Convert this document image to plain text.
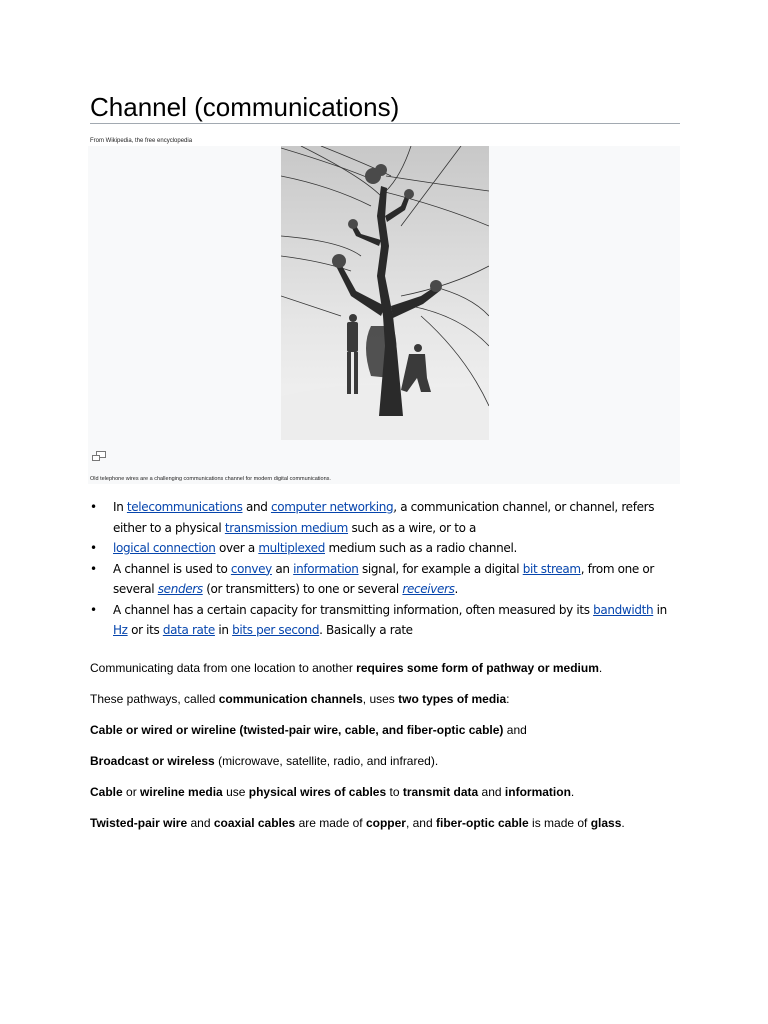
Channel (communications)
From Wikipedia, the free encyclopedia
Old telephone wires are a challenging communications channel for modern digital communications.
• In telecommunications and computer networking, a communication channel, or channel, refers either to a physical transmission medium such as a wire, or to a
• logical connection over a multiplexed medium such as a radio channel.
• A channel is used to convey an information signal, for example a digital bit stream, from one or several senders (or transmitters) to one or several receivers.
• A channel has a certain capacity for transmitting information, often measured by its bandwidth in Hz or its data rate in bits per second. Basically a rate

Communicating data from one location to another requires some form of pathway or medium.

These pathways, called communication channels, uses two types of media:

Cable or wired or wireline (twisted-pair wire, cable, and fiber-optic cable) and

Broadcast or wireless (microwave, satellite, radio, and infrared).

Cable or wireline media use physical wires of cables to transmit data and information.

Twisted-pair wire and coaxial cables are made of copper, and fiber-optic cable is made of glass.
